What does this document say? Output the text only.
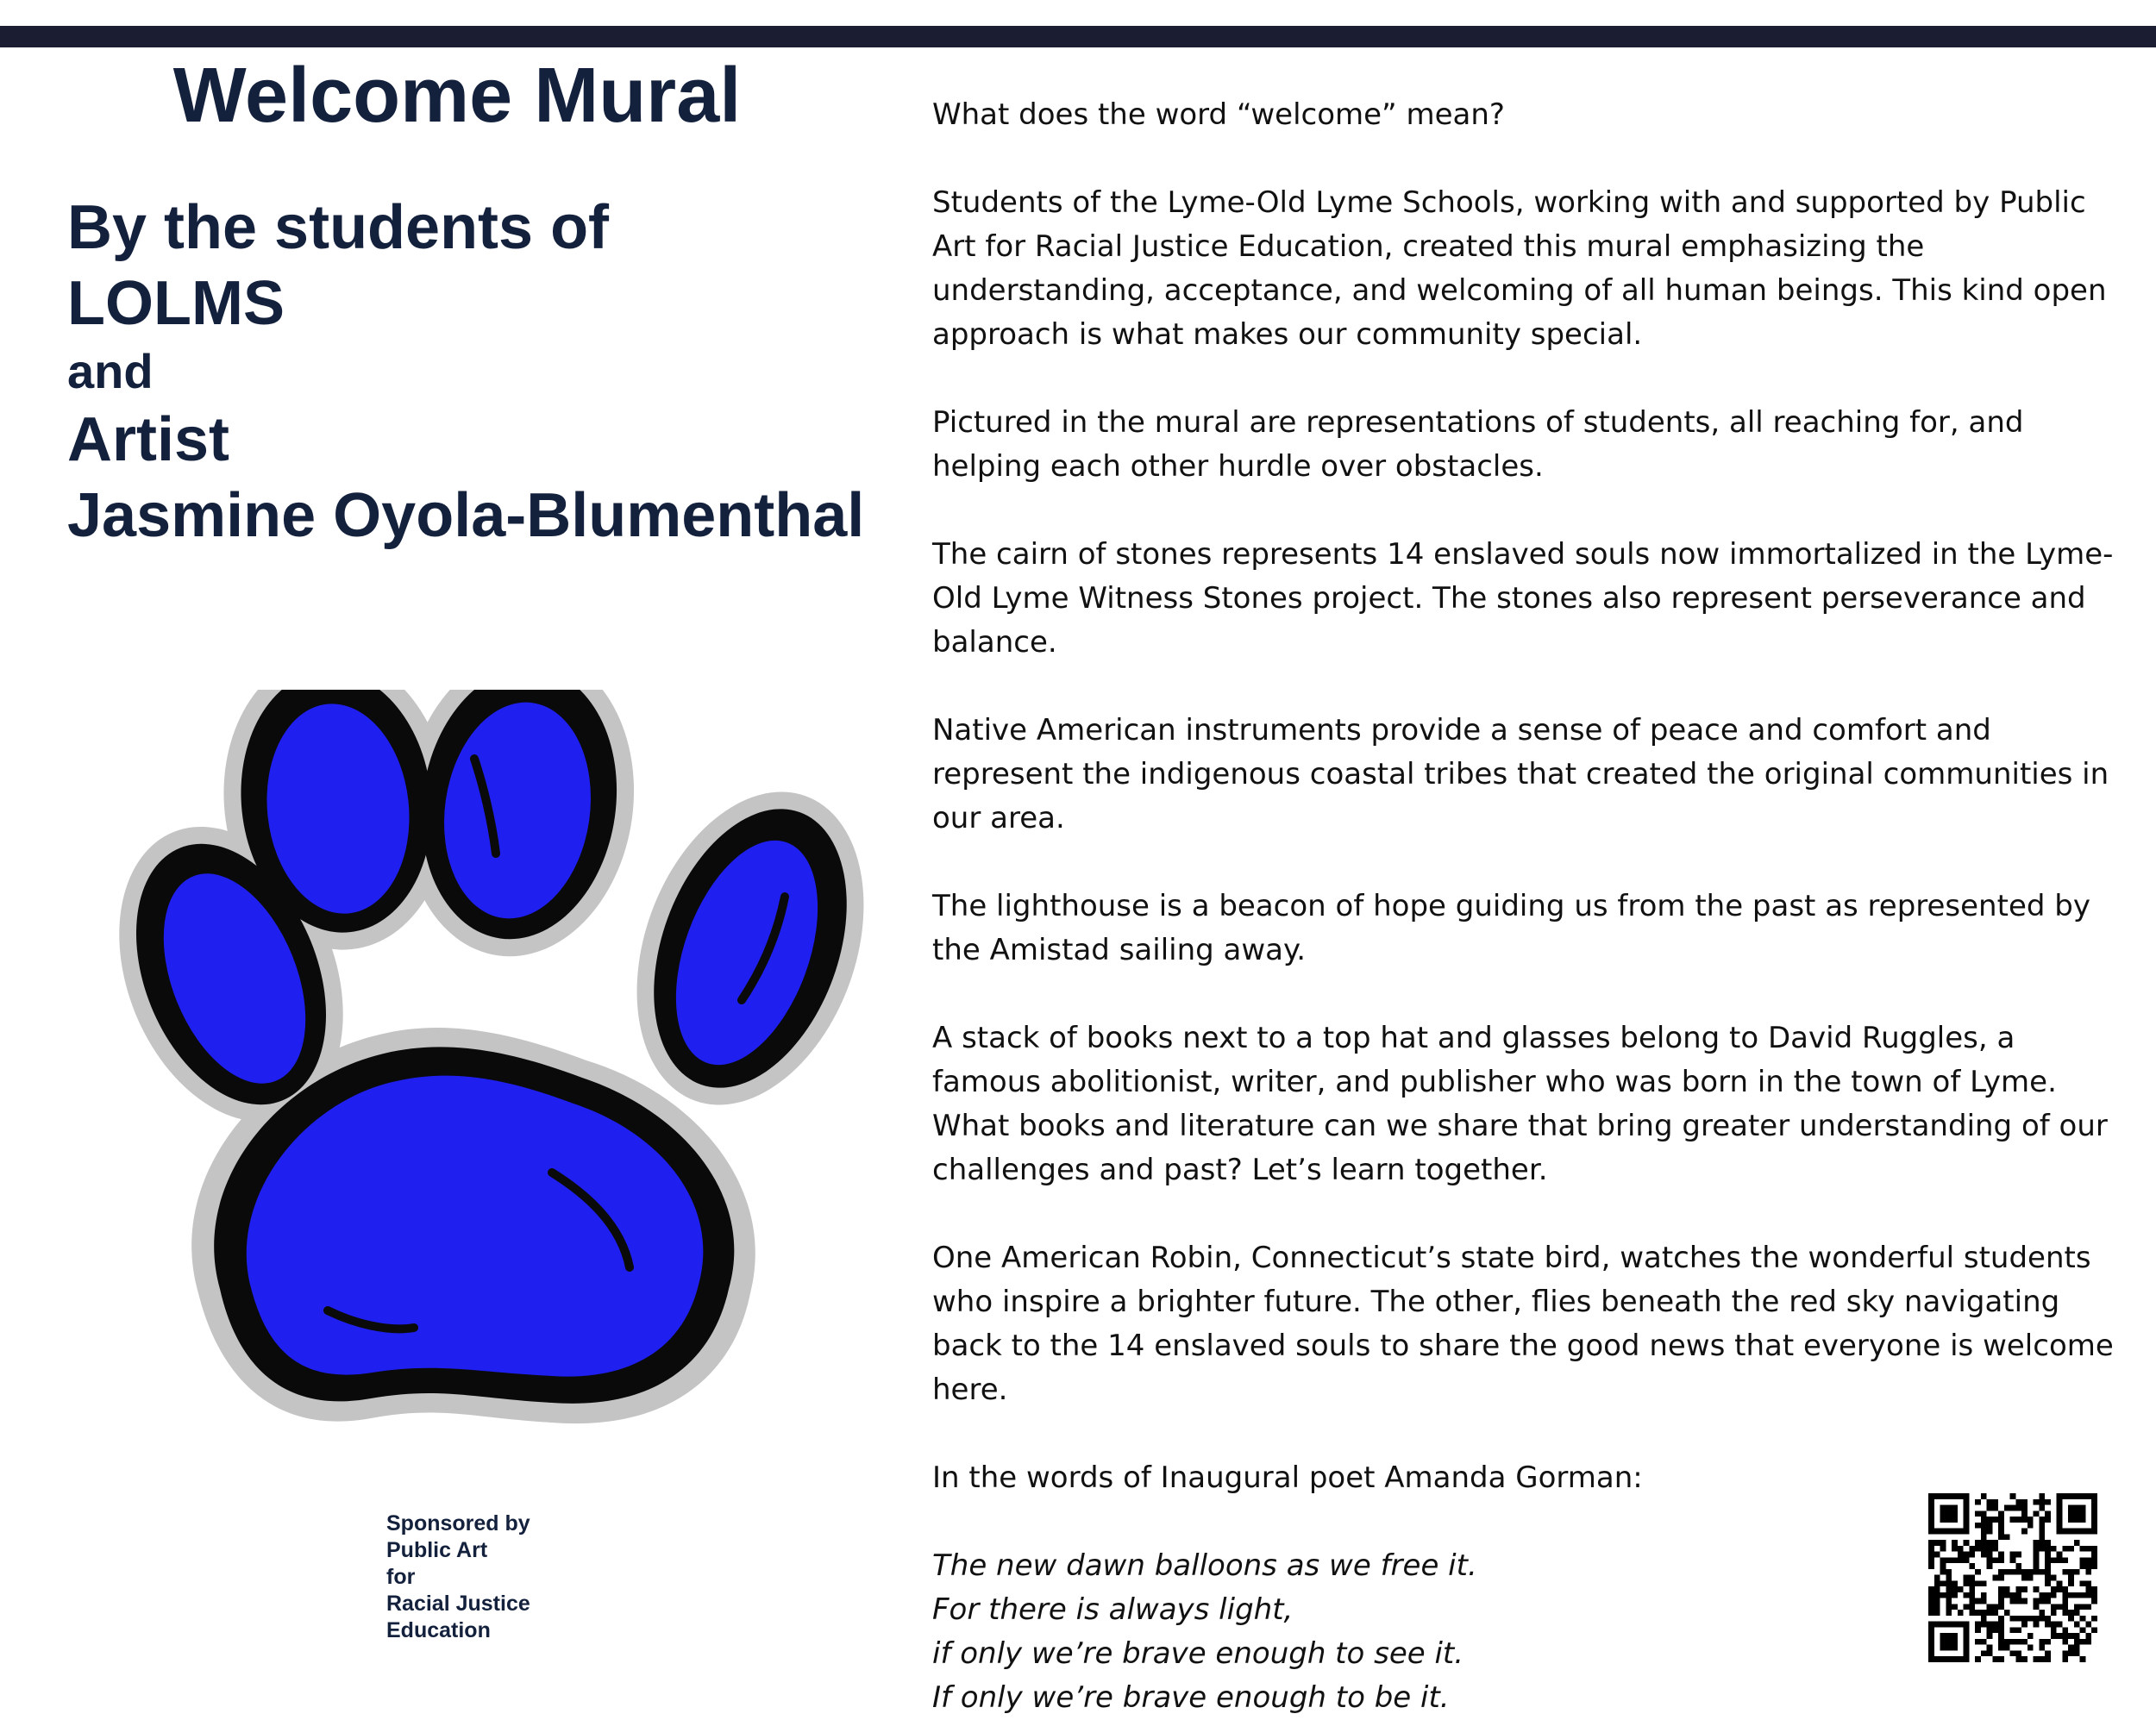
Welcome Mural
By the students of
LOLMS
and
Artist
Jasmine Oyola-Blumenthal
Sponsored by
Public Art
for
Racial Justice
Education

What does the word “welcome” mean?

Students of the Lyme-Old Lyme Schools, working with and supported by Public Art for Racial Justice Education, created this mural emphasizing the understanding, acceptance, and welcoming of all human beings. This kind open approach is what makes our community special.

Pictured in the mural are representations of students, all reaching for, and helping each other hurdle over obstacles.

The cairn of stones represents 14 enslaved souls now immortalized in the Lyme-Old Lyme Witness Stones project. The stones also represent perseverance and balance.

Native American instruments provide a sense of peace and comfort and represent the indigenous coastal tribes that created the original communities in our area.

The lighthouse is a beacon of hope guiding us from the past as represented by the Amistad sailing away.

A stack of books next to a top hat and glasses belong to David Ruggles, a famous abolitionist, writer, and publisher who was born in the town of Lyme. What books and literature can we share that bring greater understanding of our challenges and past? Let’s learn together.

One American Robin, Connecticut’s state bird, watches the wonderful students who inspire a brighter future. The other, flies beneath the red sky navigating back to the 14 enslaved souls to share the good news that everyone is welcome here.

In the words of Inaugural poet Amanda Gorman:

The new dawn balloons as we free it.
For there is always light,
if only we’re brave enough to see it.
If only we’re brave enough to be it.
